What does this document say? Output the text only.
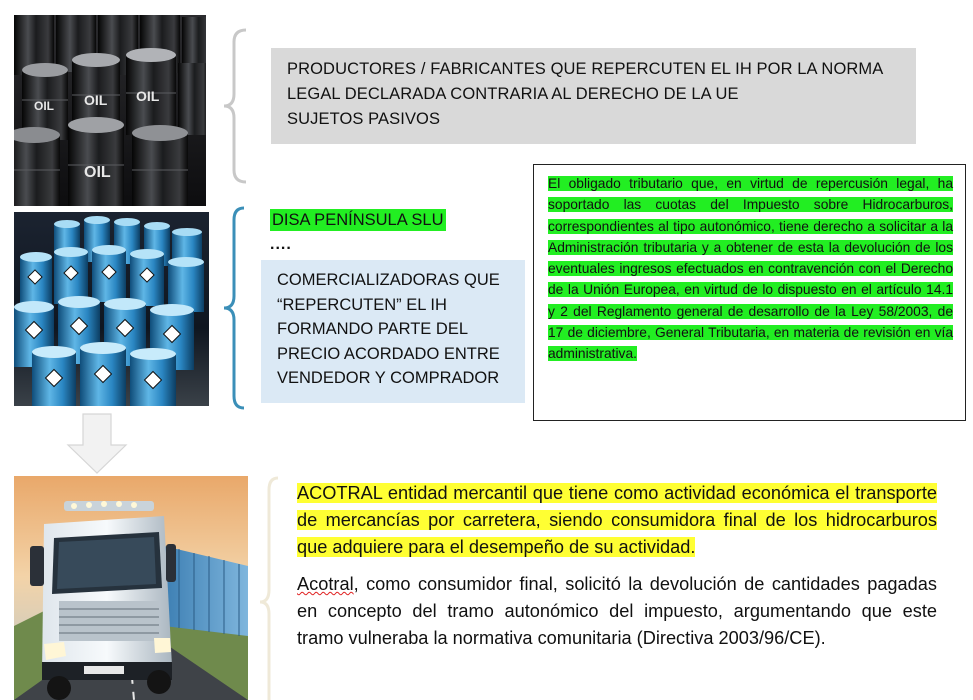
OIL OIL OIL
OIL

PRODUCTORES / FABRICANTES QUE REPERCUTEN EL IH POR LA NORMA

LEGAL DECLARADA CONTRARIA AL DERECHO DE LA UE

SUJETOS PASIVOS

DISA PENÍNSULA SLU
....

COMERCIALIZADORAS QUE

“REPERCUTEN” EL IH

FORMANDO PARTE DEL

PRECIO ACORDADO ENTRE

VENDEDOR Y COMPRADOR

El obligado tributario que, en virtud de repercusión legal, ha soportado las cuotas del Impuesto sobre Hidrocarburos, correspondientes al tipo autonómico, tiene derecho a solicitar a la Administración tributaria y a obtener de esta la devolución de los eventuales ingresos efectuados en contravención con el Derecho de la Unión Europea, en virtud de lo dispuesto en el artículo 14.1 y 2 del Reglamento general de desarrollo de la Ley 58/2003, de 17 de diciembre, General Tributaria, en materia de revisión en vía administrativa.
ACOTRAL entidad mercantil que tiene como actividad económica el transporte de mercancías por carretera, siendo consumidora final de los hidrocarburos que adquiere para el desempeño de su actividad.
Acotral, como consumidor final, solicitó la devolución de cantidades pagadas en concepto del tramo autonómico del impuesto, argumentando que este tramo vulneraba la normativa comunitaria (Directiva 2003/96/CE).
